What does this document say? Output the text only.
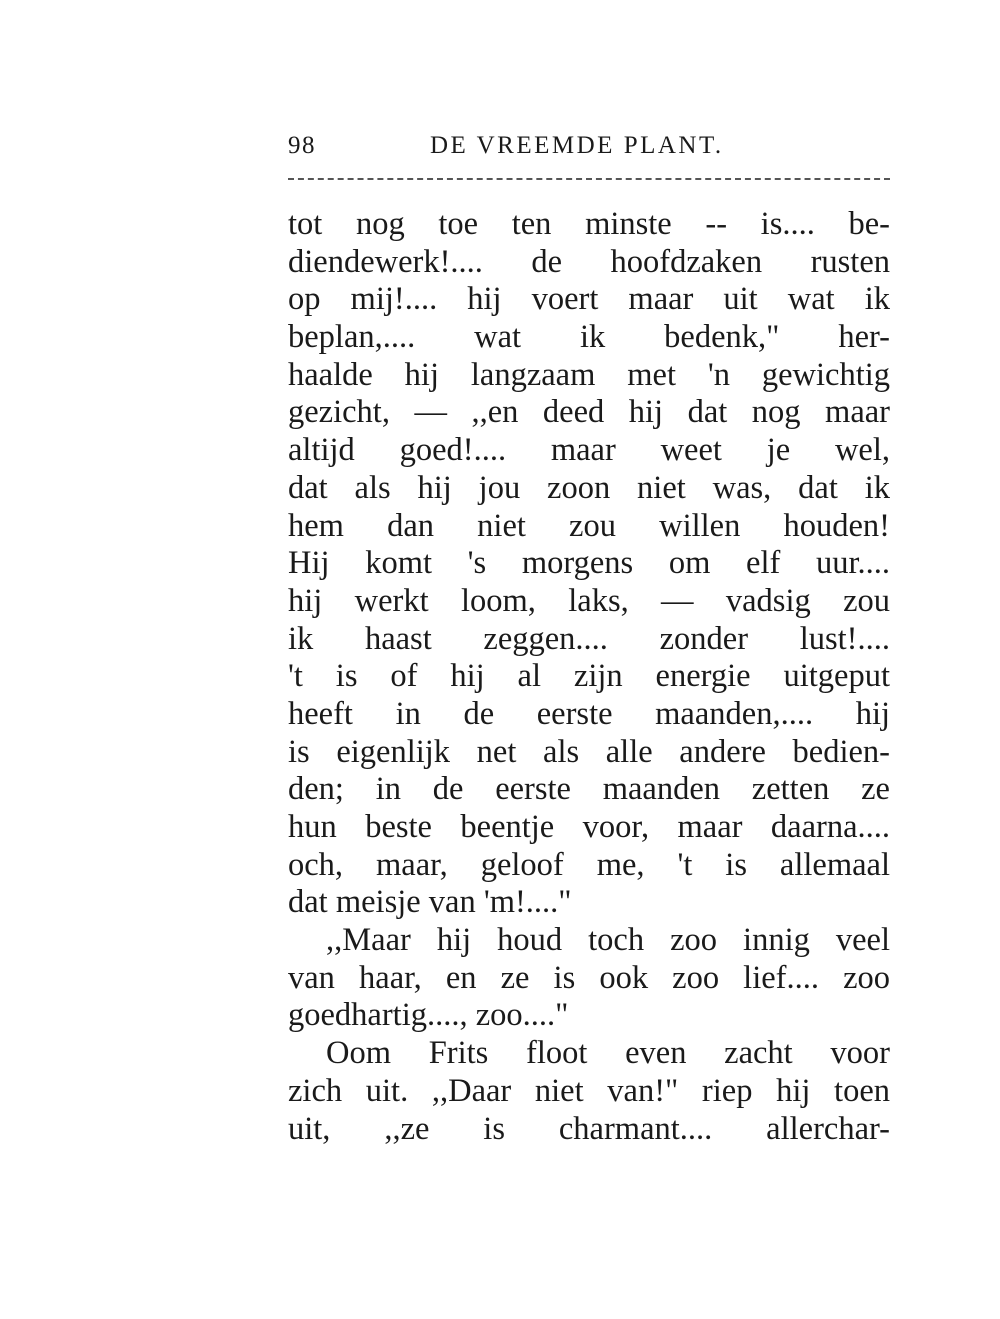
98	DE VREEMDE PLANT.
tot nog toe ten minste -- is.... be-
diendewerk!.... de hoofdzaken rusten
op mij!.... hij voert maar uit wat ik
beplan,.... wat ik bedenk," her-
haalde hij langzaam met 'n gewichtig
gezicht, — ,,en deed hij dat nog maar
altijd goed!.... maar weet je wel,
dat als hij jou zoon niet was, dat ik
hem dan niet zou willen houden!
Hij komt 's morgens om elf uur....
hij werkt loom, laks, — vadsig zou
ik haast zeggen.... zonder lust!....
't is of hij al zijn energie uitgeput
heeft in de eerste maanden,.... hij
is eigenlijk net als alle andere bedien-
den; in de eerste maanden zetten ze
hun beste beentje voor, maar daarna....
och, maar, geloof me, 't is allemaal
dat meisje van 'm!...."
,,Maar hij houd toch zoo innig veel
van haar, en ze is ook zoo lief.... zoo
goedhartig...., zoo...."
Oom Frits floot even zacht voor
zich uit. ,,Daar niet van!" riep hij toen
uit, ,,ze is charmant.... allerchar-
